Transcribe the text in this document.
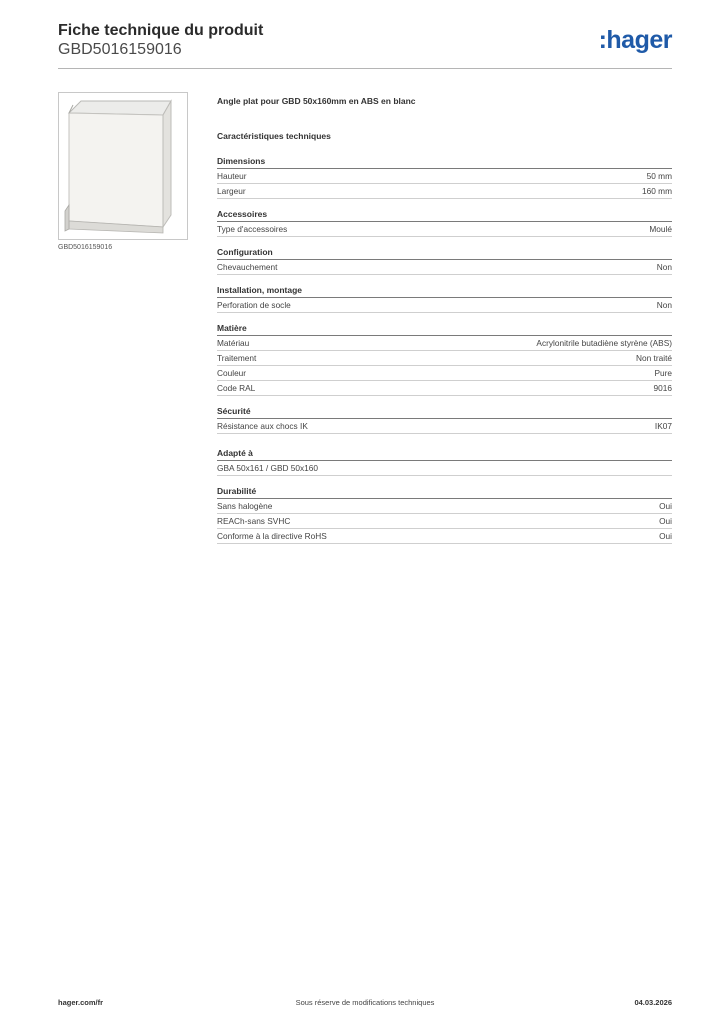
Fiche technique du produit
GBD5016159016	:hager
GBD5016159016
Angle plat pour GBD 50x160mm en ABS en blanc
Caractéristiques techniques
Dimensions
Hauteur	50 mm
Largeur	160 mm
Accessoires
Type d'accessoires	Moulé
Configuration
Chevauchement	Non
Installation, montage
Perforation de socle	Non
Matière
Matériau	Acrylonitrile butadiène styrène (ABS)
Traitement	Non traité
Couleur	Pure
Code RAL	9016
Sécurité
Résistance aux chocs IK	IK07
Adapté à
GBA 50x161 / GBD 50x160
Durabilité
Sans halogène	Oui
REACh-sans SVHC	Oui
Conforme à la directive RoHS	Oui
hager.com/fr	Sous réserve de modifications techniques	04.03.2026
